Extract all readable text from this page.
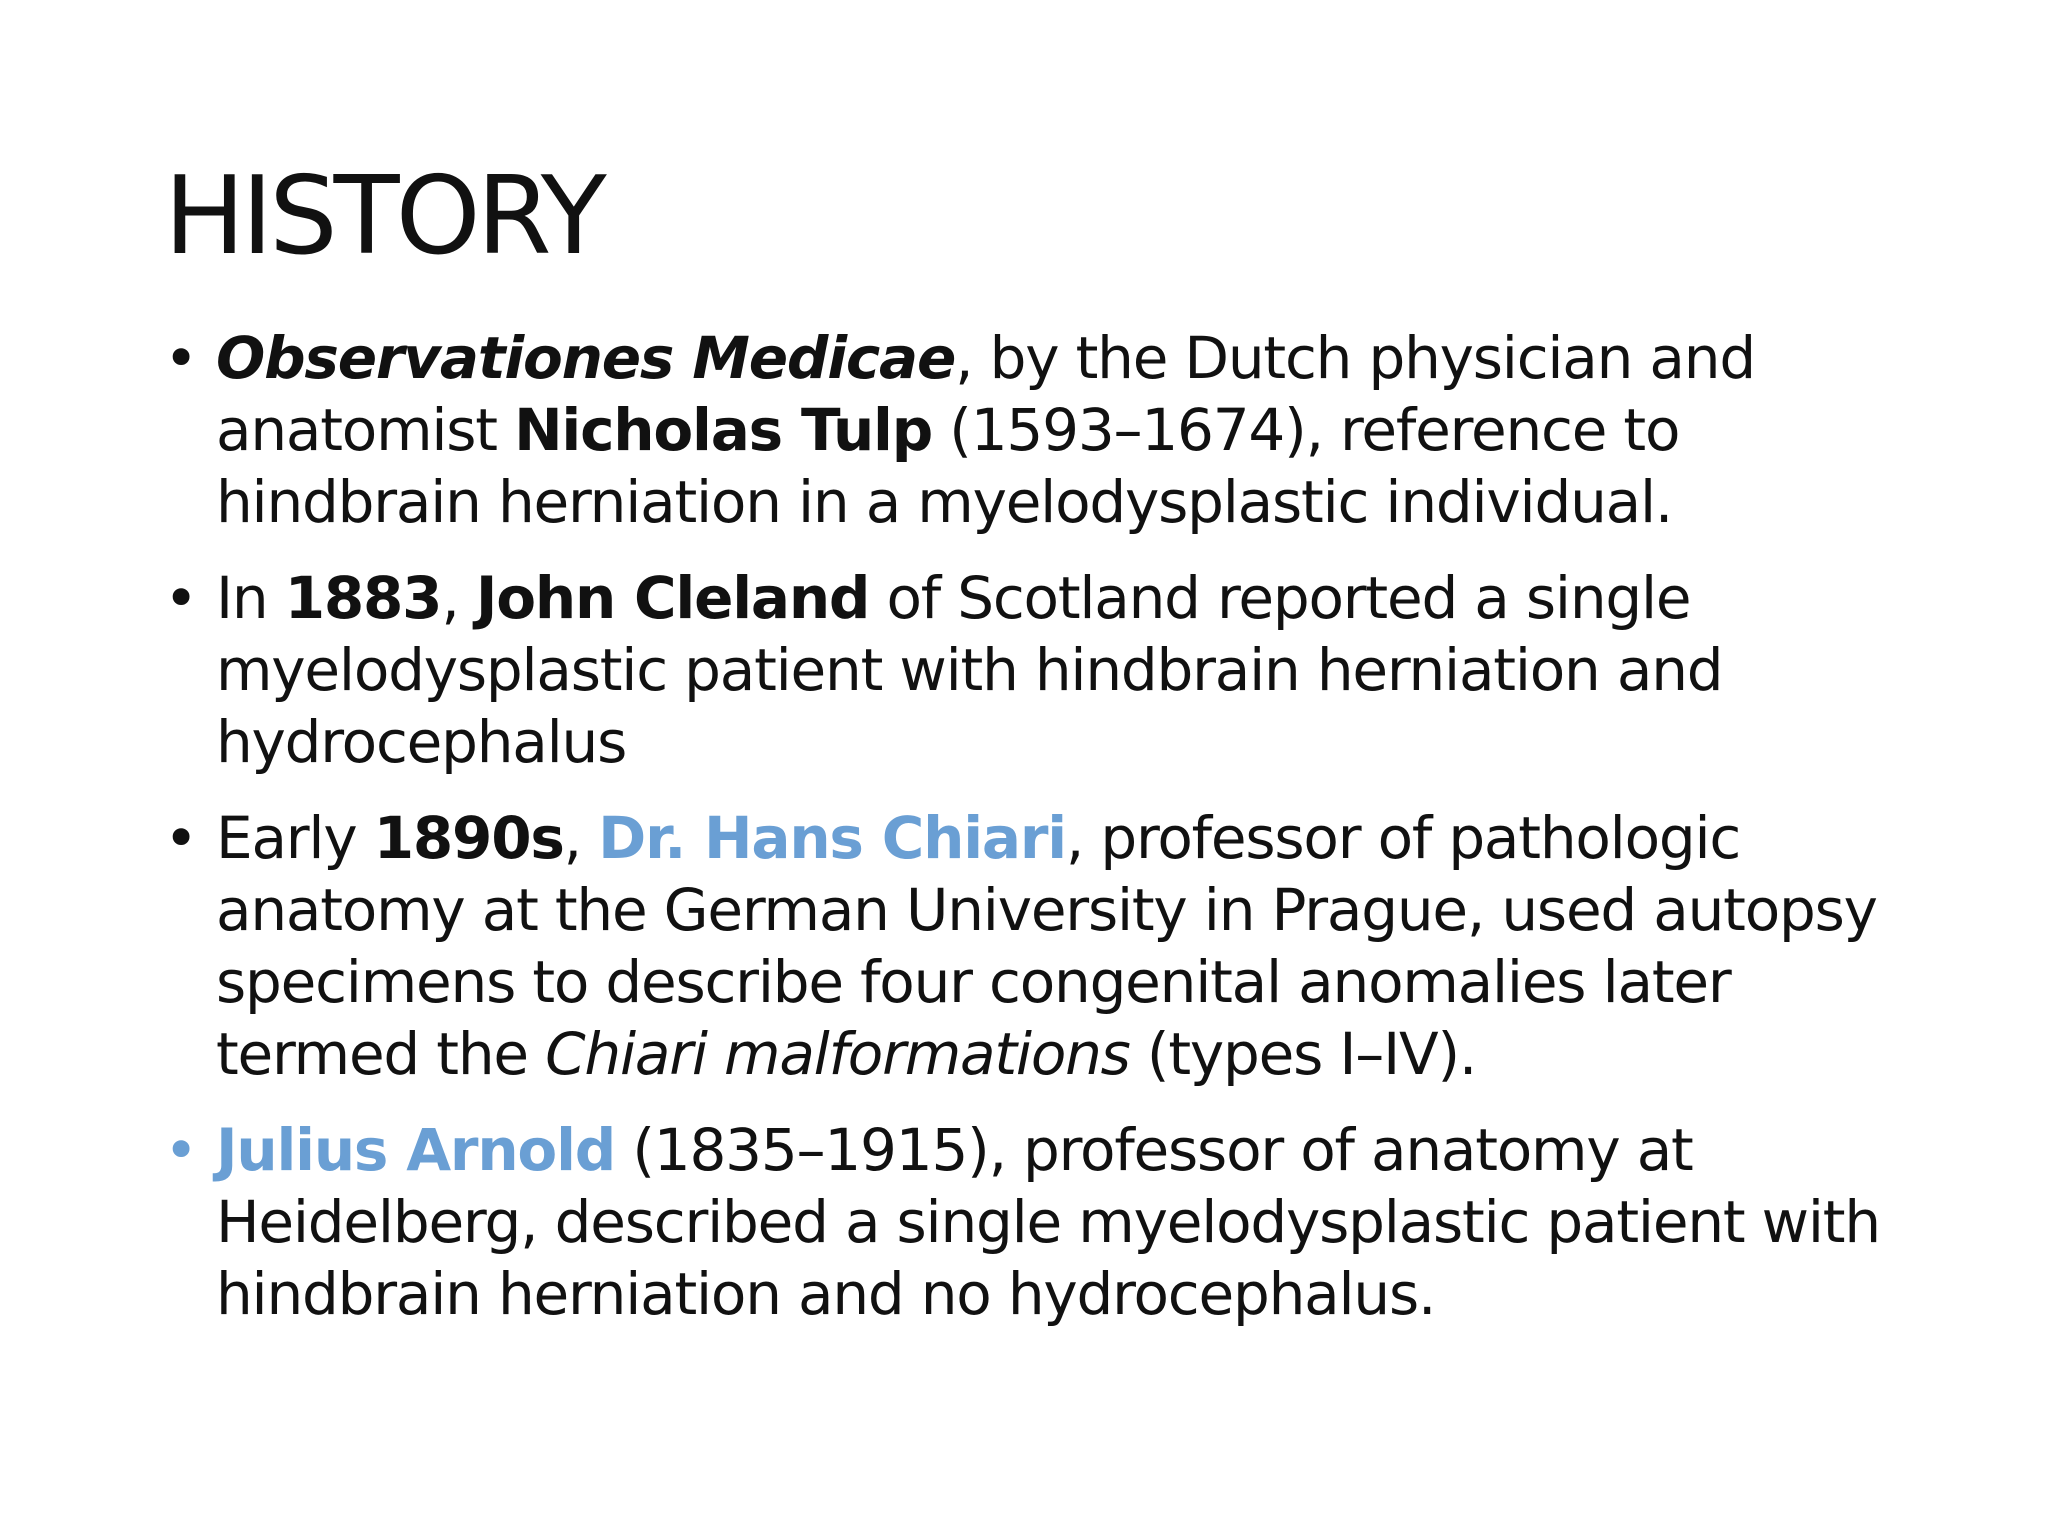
HISTORY
• Observationes Medicae, by the Dutch physician and anatomist Nicholas Tulp (1593–1674), reference to hindbrain herniation in a myelodysplastic individual.
• In 1883, John Cleland of Scotland reported a single myelodysplastic patient with hindbrain herniation and hydrocephalus
• Early 1890s, Dr. Hans Chiari, professor of pathologic anatomy at the German University in Prague, used autopsy specimens to describe four congenital anomalies later termed the Chiari malformations (types I–IV).
• Julius Arnold (1835–1915), professor of anatomy at Heidelberg, described a single myelodysplastic patient with hindbrain herniation and no hydrocephalus.
